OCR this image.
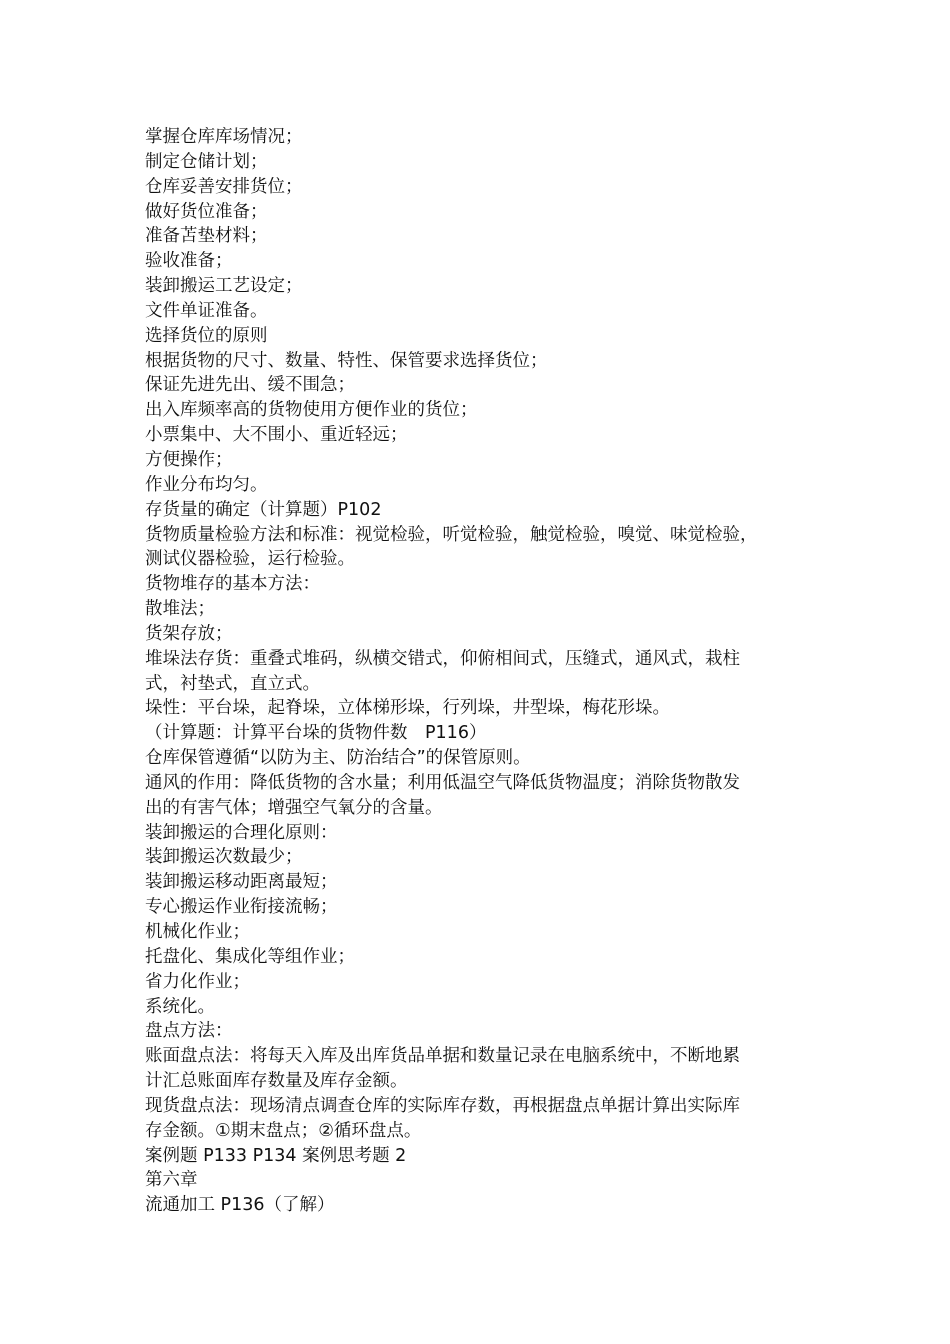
掌握仓库库场情况；
制定仓储计划；
仓库妥善安排货位；
做好货位准备；
准备苫垫材料；
验收准备；
装卸搬运工艺设定；
文件单证准备。
选择货位的原则
根据货物的尺寸、数量、特性、保管要求选择货位；
保证先进先出、缓不围急；
出入库频率高的货物使用方便作业的货位；
小票集中、大不围小、重近轻远；
方便操作；
作业分布均匀。
存货量的确定（计算题）P102
货物质量检验方法和标准：视觉检验，听觉检验，触觉检验，嗅觉、味觉检验，
测试仪器检验，运行检验。
货物堆存的基本方法：
散堆法；
货架存放；
堆垛法存货：重叠式堆码，纵横交错式，仰俯相间式，压缝式，通风式，栽柱
式，衬垫式，直立式。
垛性：平台垛，起脊垛，立体梯形垛，行列垛，井型垛，梅花形垛。
（计算题：计算平台垛的货物件数　P116）
仓库保管遵循“以防为主、防治结合”的保管原则。
通风的作用：降低货物的含水量；利用低温空气降低货物温度；消除货物散发
出的有害气体；增强空气氧分的含量。
装卸搬运的合理化原则：
装卸搬运次数最少；
装卸搬运移动距离最短；
专心搬运作业衔接流畅；
机械化作业；
托盘化、集成化等组作业；
省力化作业；
系统化。
盘点方法：
账面盘点法：将每天入库及出库货品单据和数量记录在电脑系统中，不断地累
计汇总账面库存数量及库存金额。
现货盘点法：现场清点调查仓库的实际库存数，再根据盘点单据计算出实际库
存金额。①期末盘点；②循环盘点。
案例题 P133 P134 案例思考题 2
第六章
流通加工 P136（了解）
